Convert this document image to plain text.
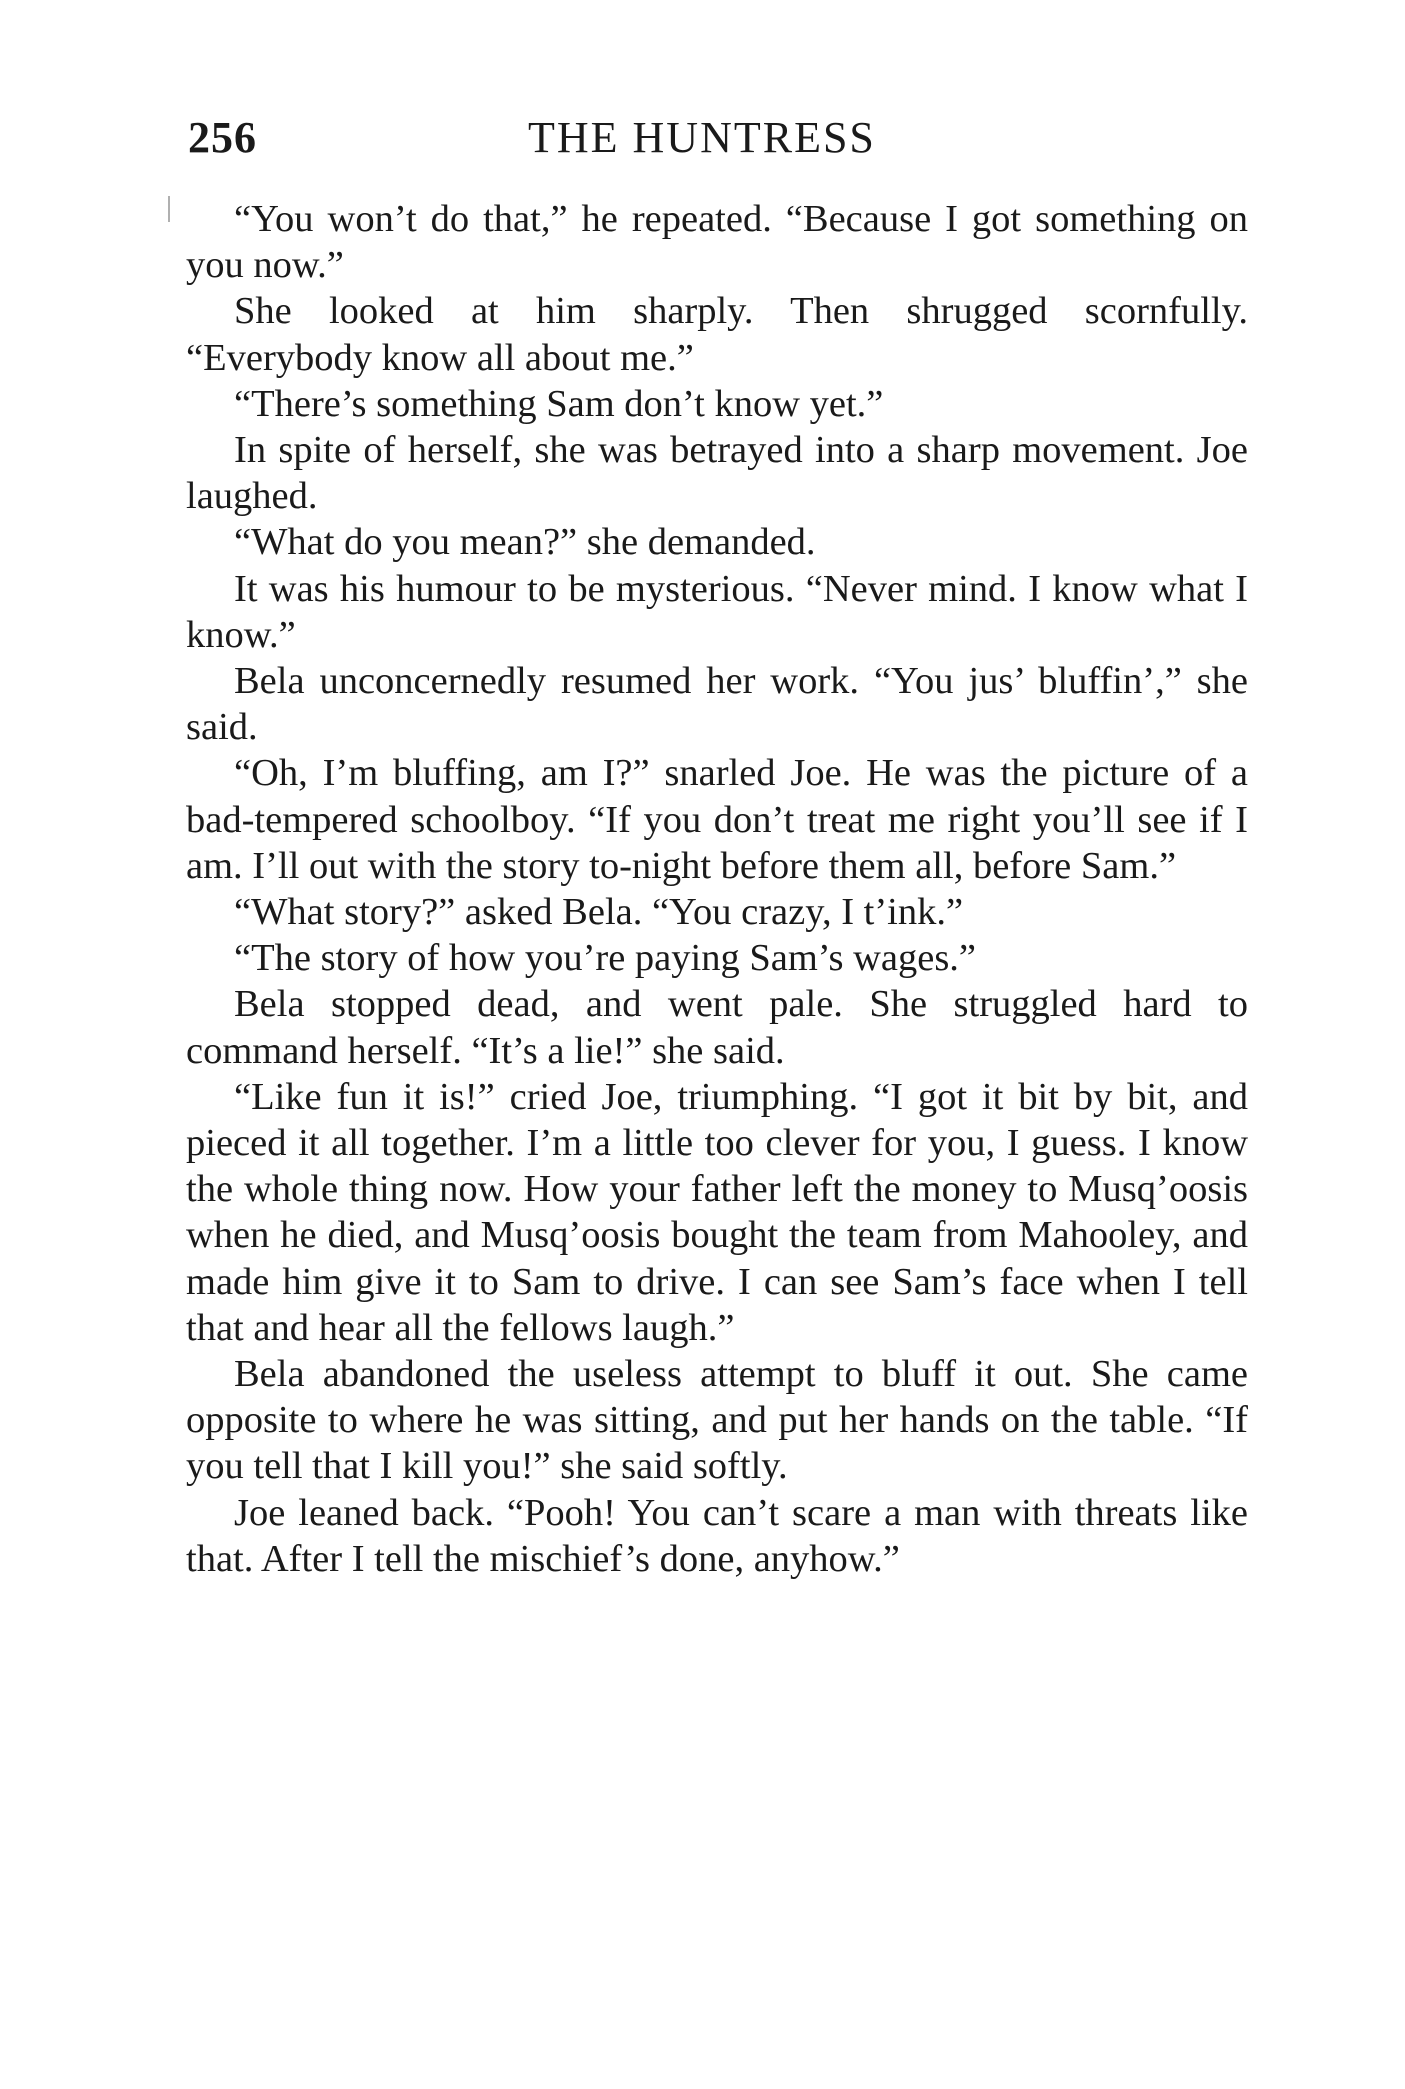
256	THE HUNTRESS

“You won’t do that,” he repeated. “Because I got something on you now.”

She looked at him sharply. Then shrugged scornfully. “Everybody know all about me.”

“There’s something Sam don’t know yet.”

In spite of herself, she was betrayed into a sharp movement. Joe laughed.

“What do you mean?” she demanded.

It was his humour to be mysterious. “Never mind. I know what I know.”

Bela unconcernedly resumed her work. “You jus’ bluffin’,” she said.

“Oh, I’m bluffing, am I?” snarled Joe. He was the picture of a bad-tempered schoolboy. “If you don’t treat me right you’ll see if I am. I’ll out with the story to-night before them all, before Sam.”

“What story?” asked Bela. “You crazy, I t’ink.”

“The story of how you’re paying Sam’s wages.”

Bela stopped dead, and went pale. She struggled hard to command herself. “It’s a lie!” she said.

“Like fun it is!” cried Joe, triumphing. “I got it bit by bit, and pieced it all together. I’m a little too clever for you, I guess. I know the whole thing now. How your father left the money to Musq’oosis when he died, and Musq’oosis bought the team from Mahooley, and made him give it to Sam to drive. I can see Sam’s face when I tell that and hear all the fellows laugh.”

Bela abandoned the useless attempt to bluff it out. She came opposite to where he was sitting, and put her hands on the table. “If you tell that I kill you!” she said softly.

Joe leaned back. “Pooh! You can’t scare a man with threats like that. After I tell the mischief’s done, anyhow.”
